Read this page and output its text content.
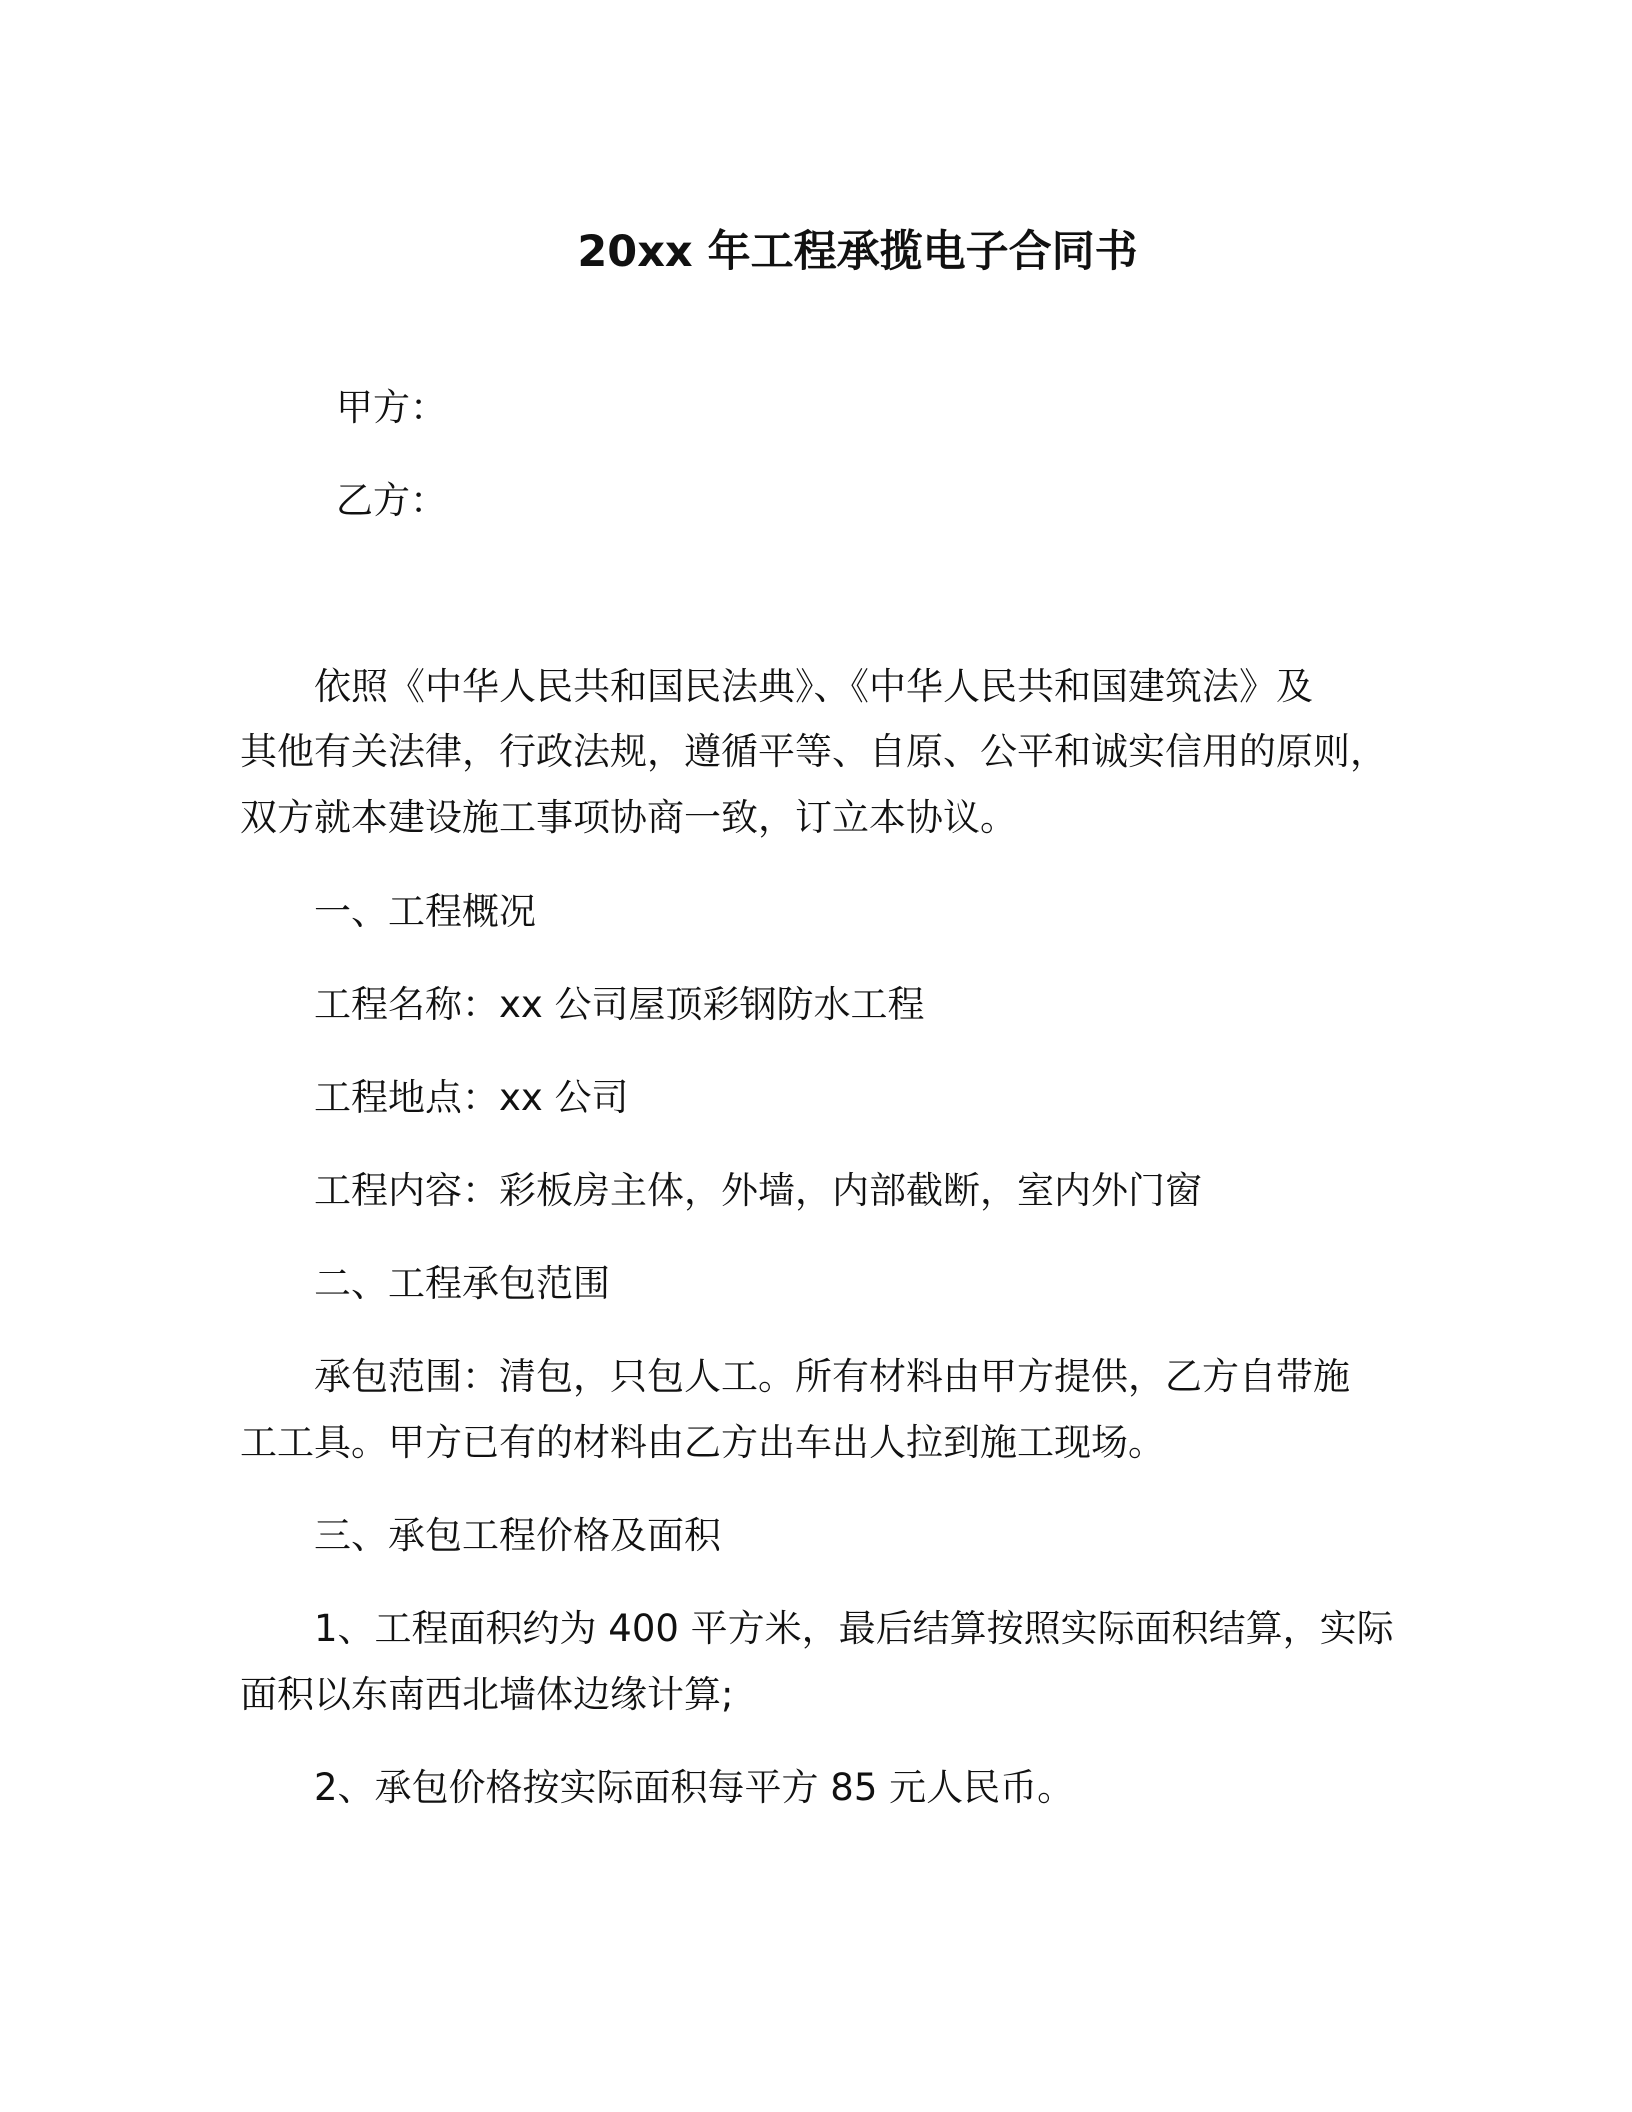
20xx 年工程承揽电子合同书
甲方：
乙方：
依照《中华人民共和国民法典》、《中华人民共和国建筑法》及
其他有关法律，行政法规，遵循平等、自原、公平和诚实信用的原则，
双方就本建设施工事项协商一致，订立本协议。
一、工程概况
工程名称：xx 公司屋顶彩钢防水工程
工程地点：xx 公司
工程内容：彩板房主体，外墙，内部截断，室内外门窗
二、工程承包范围
承包范围：清包，只包人工。所有材料由甲方提供，乙方自带施
工工具。甲方已有的材料由乙方出车出人拉到施工现场。
三、承包工程价格及面积
1、工程面积约为 400 平方米，最后结算按照实际面积结算，实际
面积以东南西北墙体边缘计算;
2、承包价格按实际面积每平方 85 元人民币。
